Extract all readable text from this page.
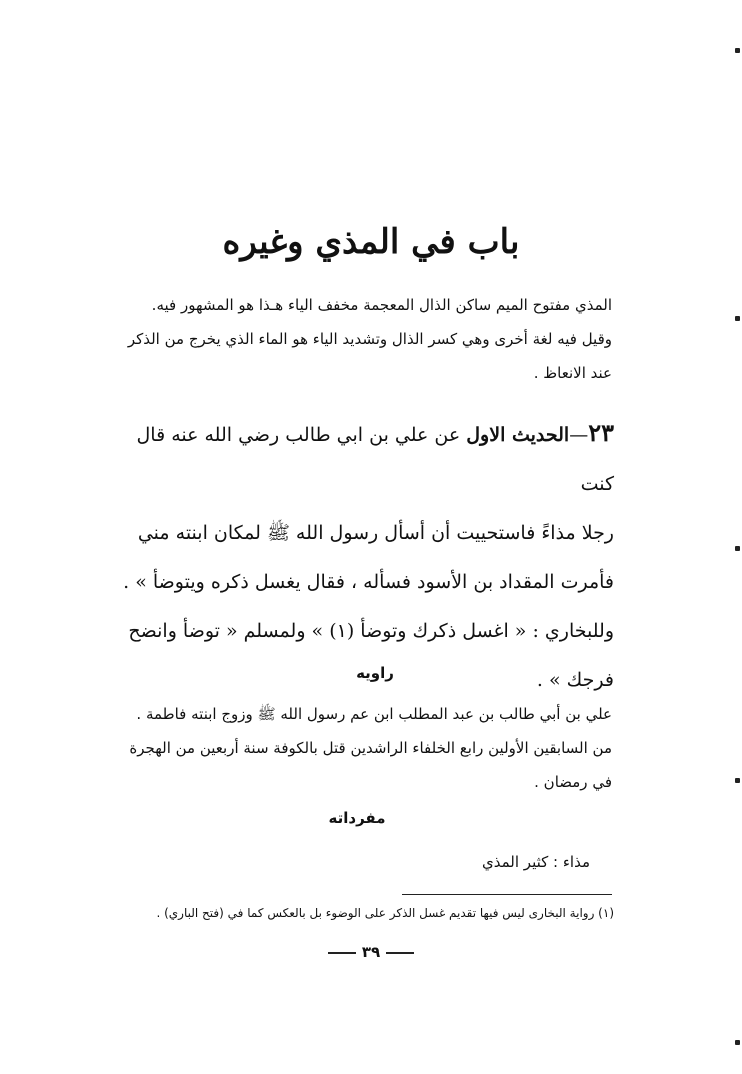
باب في المذي وغيره
المذي مفتوح الميم ساكن الذال المعجمة مخفف الياء هـذا هو المشهور فيه.
وقيل فيه لغة أخرى وهي كسر الذال وتشديد الياء هو الماء الذي يخرج من الذكر
عند الانعاظ .
٢٣—الحديث الاول عن علي بن ابي طالب رضي الله عنه قال كنت
رجلا مذاءً فاستحييت أن أسأل رسول الله ﷺ لمكان ابنته مني
فأمرت المقداد بن الأسود فسأله ، فقال يغسل ذكره ويتوضأ » .
وللبخاري : « اغسل ذكرك وتوضأ (١) » ولمسلم « توضأ وانضح
فرجك » .
راويه
علي بن أبي طالب بن عبد المطلب ابن عم رسول الله ﷺ وزوج ابنته فاطمة .
من السابقين الأولين رابع الخلفاء الراشدين قتل بالكوفة سنة أربعين من الهجرة
في رمضان .
مفرداته
مذاء : كثير المذي
(١) رواية البخارى ليس فيها تقديم غسل الذكر على الوضوء بل بالعكس كما في (فتح الباري) .
٣٩
